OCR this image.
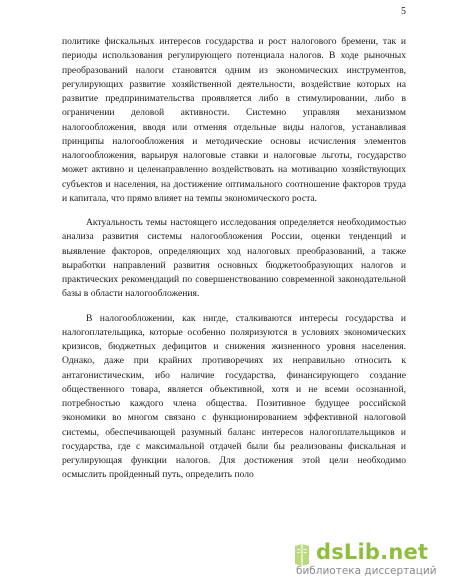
5

политике фискальных интересов государства и рост налогового бремени, так и периоды использования регулирующего потенциала налогов. В ходе рыночных преобразований налоги становятся одним из экономических инструментов, регулирующих развитие хозяйственной деятельности, воздействие которых на развитие предпринимательства проявляется либо в стимулировании, либо в ограничении деловой активности. Системно управляя механизмом налогообложения, вводя или отменяя отдельные виды налогов, устанавливая принципы налогообложения и методические основы исчисления элементов налогообложения, варьируя налоговые ставки и налоговые льготы, государство может активно и целенаправленно воздействовать на мотивацию хозяйствующих субъектов и населения, на достижение оптимального соотношение факторов труда и капитала, что прямо влияет на темпы экономического роста.

Актуальность темы настоящего исследования определяется необходимостью анализа развития системы налогообложения России, оценки тенденций и выявление факторов, определяющих ход налоговых преобразований, а также выработки направлений развития основных бюджетообразующих налогов и практических рекомендаций по совершенствованию современной законодательной базы в области налогообложения.

В налогообложении, как нигде, сталкиваются интересы государства и налогоплательщика, которые особенно поляризуются в условиях экономических кризисов, бюджетных дефицитов и снижения жизненного уровня населения. Однако, даже при крайних противоречиях их неправильно относить к антагонистическим, ибо наличие государства, финансирующего создание общественного товара, является объективной, хотя и не всеми осознанной, потребностью каждого члена общества. Позитивное будущее российской экономики во многом связано с функционированием эффективной налоговой системы, обеспечивающей разумный баланс интересов налогоплательщиков и государства, где с максимальной отдачей были бы реализованы фискальная и регулирующая функции налогов. Для достижения этой цели необходимо осмыслить пройденный путь, определить поло

dsLib.net
библиотека диссертаций
